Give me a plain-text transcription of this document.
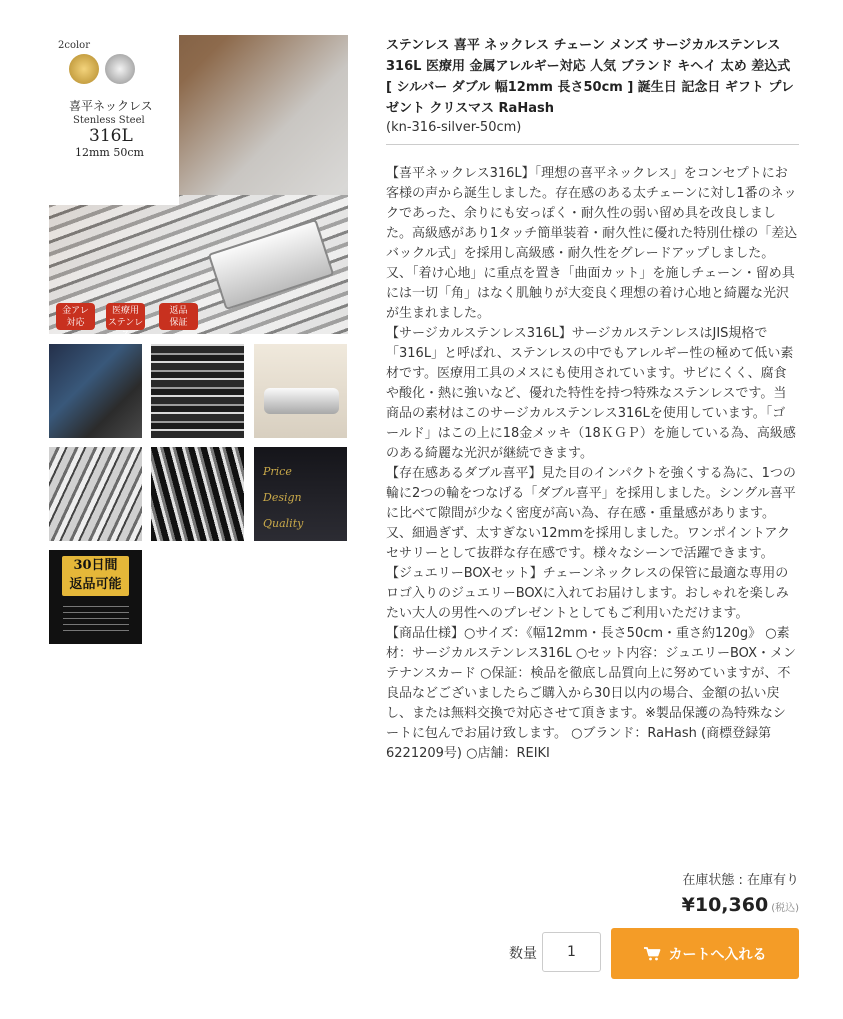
2color
喜平ネックレス
Stenless Steel
316L
12mm 50cm
金アレ
対応
医療用
ステンレス
返品
保証
Price
Design
Quality
30日間
返品可能
ステンレス 喜平 ネックレス チェーン メンズ サージカルステンレス 316L 医療用 金属アレルギー対応 人気 ブランド キヘイ 太め 差込式 [ シルバー ダブル 幅12mm 長さ50cm ] 誕生日 記念日 ギフト プレゼント クリスマス RaHash
(kn-316-silver-50cm)

【喜平ネックレス316L】「理想の喜平ネックレス」をコンセプトにお客様の声から誕生しました。存在感のある太チェーンに対し1番のネックであった、余りにも安っぽく・耐久性の弱い留め具を改良しました。高級感があり1タッチ簡単装着・耐久性に優れた特別仕様の「差込バックル式」を採用し高級感・耐久性をグレードアップしました。又、「着け心地」に重点を置き「曲面カット」を施しチェーン・留め具には一切「角」はなく肌触りが大変良く理想の着け心地と綺麗な光沢が生まれました。

【サージカルステンレス316L】サージカルステンレスはJIS規格で「316L」と呼ばれ、ステンレスの中でもアレルギー性の極めて低い素材です。医療用工具のメスにも使用されています。サビにくく、腐食や酸化・熱に強いなど、優れた特性を持つ特殊なステンレスです。当商品の素材はこのサージカルステンレス316Lを使用しています。「ゴールド」はこの上に18金メッキ（18ＫＧＰ）を施している為、高級感のある綺麗な光沢が継続できます。

【存在感あるダブル喜平】見た目のインパクトを強くする為に、1つの輪に2つの輪をつなげる「ダブル喜平」を採用しました。シングル喜平に比べて隙間が少なく密度が高い為、存在感・重量感があります。又、細過ぎず、太すぎない12mmを採用しました。ワンポイントアクセサリーとして抜群な存在感です。様々なシーンで活躍できます。

【ジュエリーBOXセット】チェーンネックレスの保管に最適な専用のロゴ入りのジュエリーBOXに入れてお届けします。おしゃれを楽しみたい大人の男性へのプレゼントとしてもご利用いただけます。

【商品仕様】○サイズ：《幅12mm・長さ50cm・重さ約120g》 ○素材：サージカルステンレス316L ○セット内容：ジュエリーBOX・メンテナンスカード ○保証：検品を徹底し品質向上に努めていますが、不良品などございましたらご購入から30日以内の場合、金額の払い戻し、または無料交換で対応させて頂きます。※製品保護の為特殊なシートに包んでお届け致します。 ○ブランド：RaHash (商標登録第6221209号) ○店舗：REIKI

在庫状態 : 在庫有り
¥10,360 (税込)
数量
1	カートへ入れる
